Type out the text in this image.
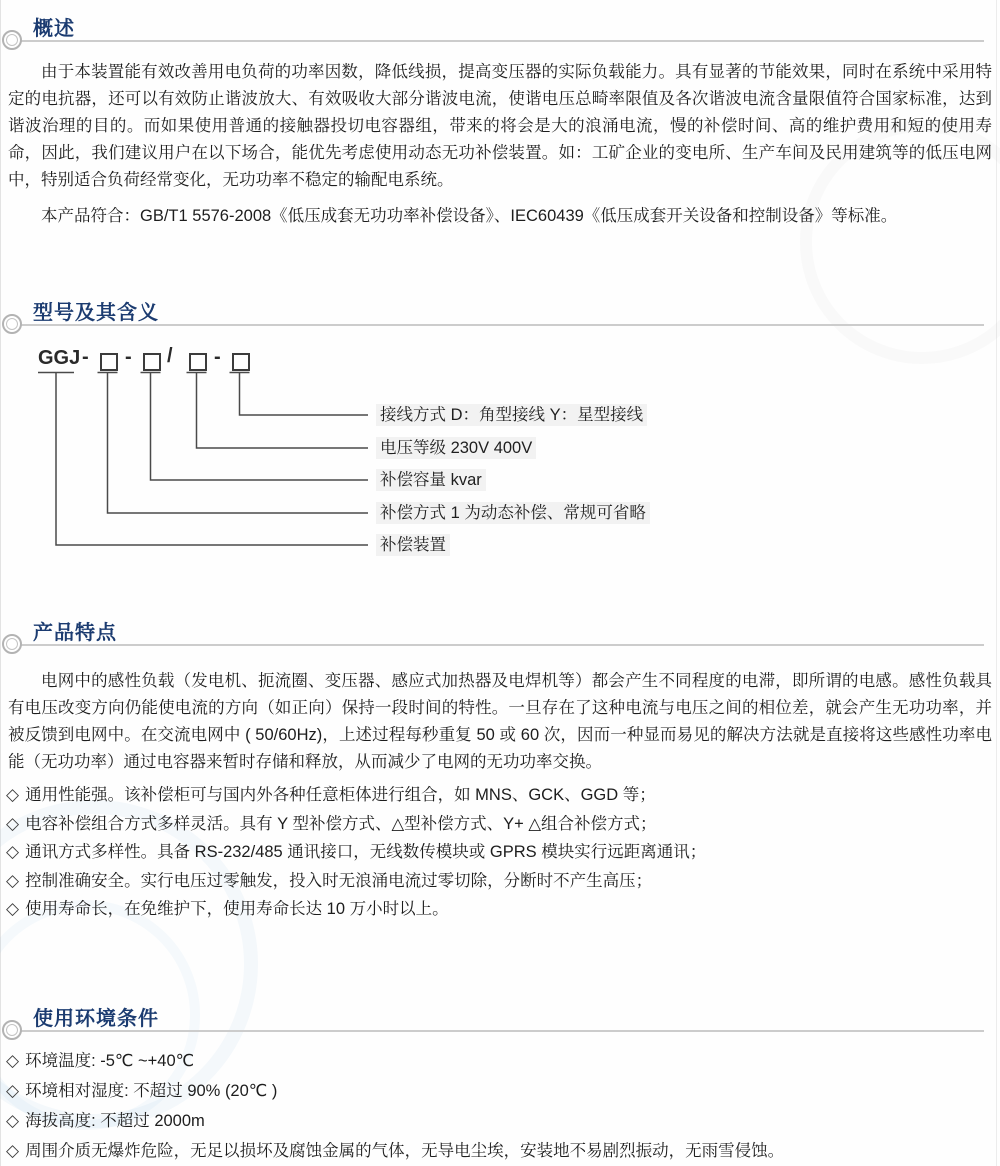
概述
由于本装置能有效改善用电负荷的功率因数，降低线损，提高变压器的实际负载能力。具有显著的节能效果，同时在系统中采用特定的电抗器，还可以有效防止谐波放大、有效吸收大部分谐波电流，使谐电压总畸率限值及各次谐波电流含量限值符合国家标准，达到谐波治理的目的。而如果使用普通的接触器投切电容器组，带来的将会是大的浪涌电流，慢的补偿时间、高的维护费用和短的使用寿命，因此，我们建议用户在以下场合，能优先考虑使用动态无功补偿装置。如：工矿企业的变电所、生产车间及民用建筑等的低压电网中，特别适合负荷经常变化，无功功率不稳定的输配电系统。
本产品符合：GB/T1 5576-2008《低压成套无功功率补偿设备》、IEC60439《低压成套开关设备和控制设备》等标准。
型号及其含义
GGJ - - / -
接线方式 D：角型接线 Y：星型接线
电压等级 230V 400V
补偿容量 kvar
补偿方式 1 为动态补偿、常规可省略
补偿装置
产品特点
电网中的感性负载（发电机、扼流圈、变压器、感应式加热器及电焊机等）都会产生不同程度的电滞，即所谓的电感。感性负载具有电压改变方向仍能使电流的方向（如正向）保持一段时间的特性。一旦存在了这种电流与电压之间的相位差，就会产生无功功率，并被反馈到电网中。在交流电网中 ( 50/60Hz)，上述过程每秒重复 50 或 60 次，因而一种显而易见的解决方法就是直接将这些感性功率电能（无功功率）通过电容器来暂时存储和释放，从而减少了电网的无功功率交换。
◇ 通用性能强。该补偿柜可与国内外各种任意柜体进行组合，如 MNS、GCK、GGD 等；
◇ 电容补偿组合方式多样灵活。具有 Y 型补偿方式、△型补偿方式、Y+ △组合补偿方式；
◇ 通讯方式多样性。具备 RS-232/485 通讯接口，无线数传模块或 GPRS 模块实行远距离通讯；
◇ 控制准确安全。实行电压过零触发，投入时无浪涌电流过零切除，分断时不产生高压；
◇ 使用寿命长，在免维护下，使用寿命长达 10 万小时以上。
使用环境条件
◇ 环境温度: -5℃ ~+40℃
◇ 环境相对湿度: 不超过 90% (20℃ )
◇ 海拔高度: 不超过 2000m
◇ 周围介质无爆炸危险，无足以损坏及腐蚀金属的气体，无导电尘埃，安装地不易剧烈振动，无雨雪侵蚀。
